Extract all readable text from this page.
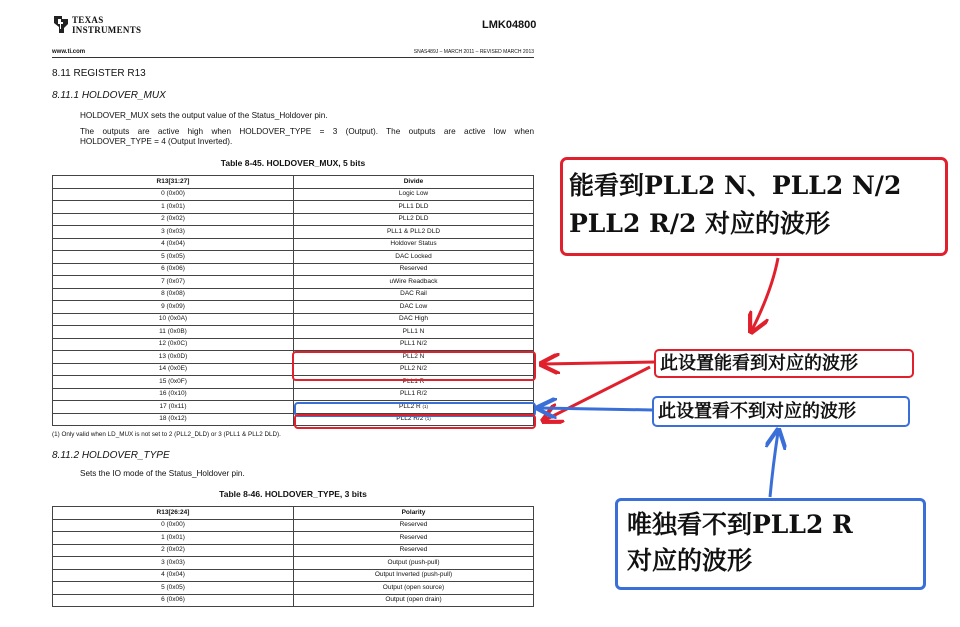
TEXAS
INSTRUMENTS	LMK04800
www.ti.com	SNAS489J – MARCH 2011 – REVISED MARCH 2013
8.11 REGISTER R13
8.11.1 HOLDOVER_MUX
HOLDOVER_MUX sets the output value of the Status_Holdover pin.
The outputs are active high when HOLDOVER_TYPE = 3 (Output). The outputs are active low when
HOLDOVER_TYPE = 4 (Output Inverted).
Table 8-45. HOLDOVER_MUX, 5 bits
R13[31:27]	Divide
0 (0x00)	Logic Low
1 (0x01)	PLL1 DLD
2 (0x02)	PLL2 DLD
3 (0x03)	PLL1 & PLL2 DLD
4 (0x04)	Holdover Status
5 (0x05)	DAC Locked
6 (0x06)	Reserved
7 (0x07)	uWire Readback
8 (0x08)	DAC Rail
9 (0x09)	DAC Low
10 (0x0A)	DAC High
11 (0x0B)	PLL1 N
12 (0x0C)	PLL1 N/2
13 (0x0D)	PLL2 N
14 (0x0E)	PLL2 N/2
15 (0x0F)	PLL1 R
16 (0x10)	PLL1 R/2
17 (0x11)	PLL2 R $^{(1)}$
18 (0x12)	PLL2 R/2 $^{(1)}$
(1) Only valid when LD_MUX is not set to 2 (PLL2_DLD) or 3 (PLL1 & PLL2 DLD).
8.11.2 HOLDOVER_TYPE
Sets the IO mode of the Status_Holdover pin.
Table 8-46. HOLDOVER_TYPE, 3 bits
R13[26:24]	Polarity
0 (0x00)	Reserved
1 (0x01)	Reserved
2 (0x02)	Reserved
3 (0x03)	Output (push-pull)
4 (0x04)	Output Inverted (push-pull)
5 (0x05)	Output (open source)
6 (0x06)	Output (open drain)
能看到PLL2 N、PLL2 N/2
PLL2 R/2 对应的波形
此设置能看到对应的波形
此设置看不到对应的波形
唯独看不到PLL2 R
对应的波形
